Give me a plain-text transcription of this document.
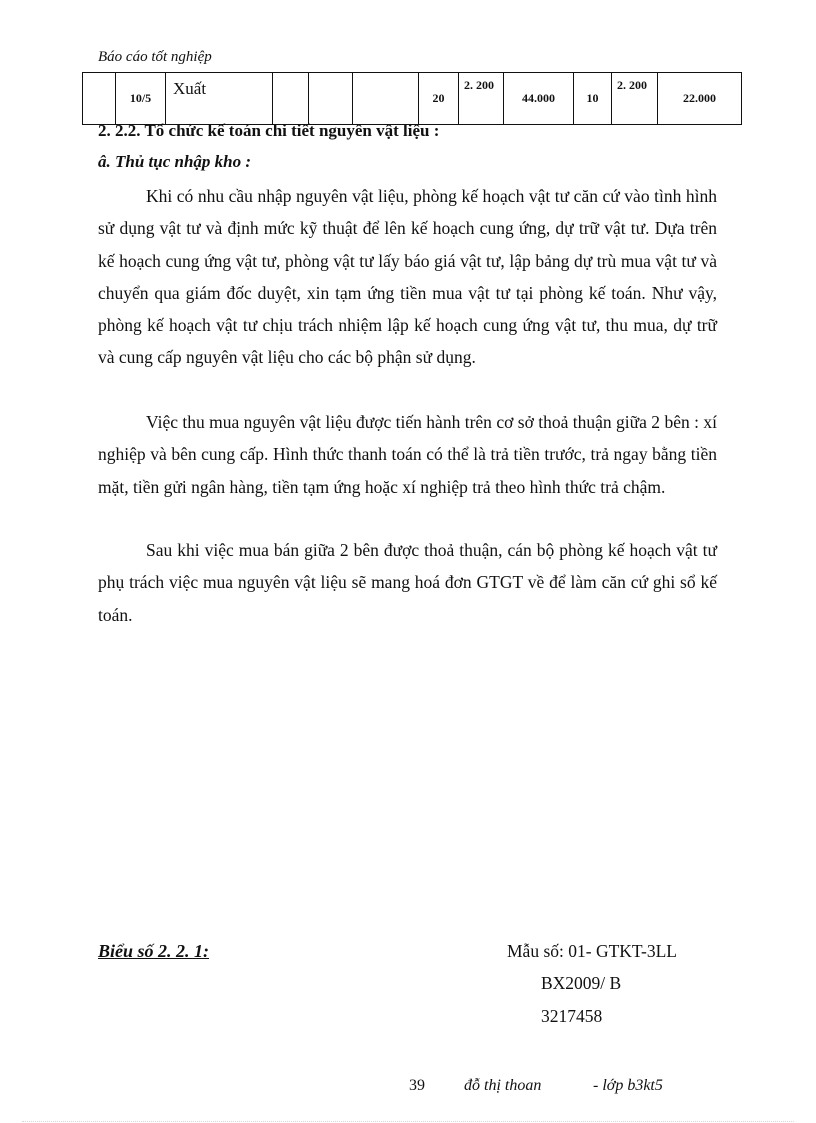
Báo cáo tốt nghiệp
	10/5	Xuất				20	2. 200	44.000	10	2. 200	22.000
2. 2.2. Tổ chức kế toán chi tiết nguyên vật liệu :
â. Thủ tục nhập kho :

Khi có nhu cầu nhập nguyên vật liệu, phòng kế hoạch vật tư căn cứ vào tình hình sử dụng vật tư và định mức kỹ thuật để lên kế hoạch cung ứng, dự trữ vật tư. Dựa trên kế hoạch cung ứng vật tư, phòng vật tư lấy báo giá vật tư, lập bảng dự trù mua vật tư và chuyển qua giám đốc duyệt, xin tạm ứng tiền mua vật tư tại phòng kế toán. Như vậy, phòng kế hoạch vật tư chịu trách nhiệm lập kế hoạch cung ứng vật tư, thu mua, dự trữ và cung cấp nguyên vật liệu cho các bộ phận sử dụng.

Việc thu mua nguyên vật liệu được tiến hành trên cơ sở thoả thuận giữa 2 bên : xí nghiệp và bên cung cấp. Hình thức thanh toán có thể là trả tiền trước, trả ngay bằng tiền mặt, tiền gửi ngân hàng, tiền tạm ứng hoặc xí nghiệp trả theo hình thức trả chậm.

Sau khi việc mua bán giữa 2 bên được thoả thuận, cán bộ phòng kế hoạch vật tư phụ trách việc mua nguyên vật liệu sẽ mang hoá đơn GTGT về để làm căn cứ ghi sổ kế toán.

Biểu số 2. 2. 1:	Mẫu số: 01- GTKT-3LL
BX2009/ B
3217458
39 đỗ thị thoan	- lớp b3kt5
